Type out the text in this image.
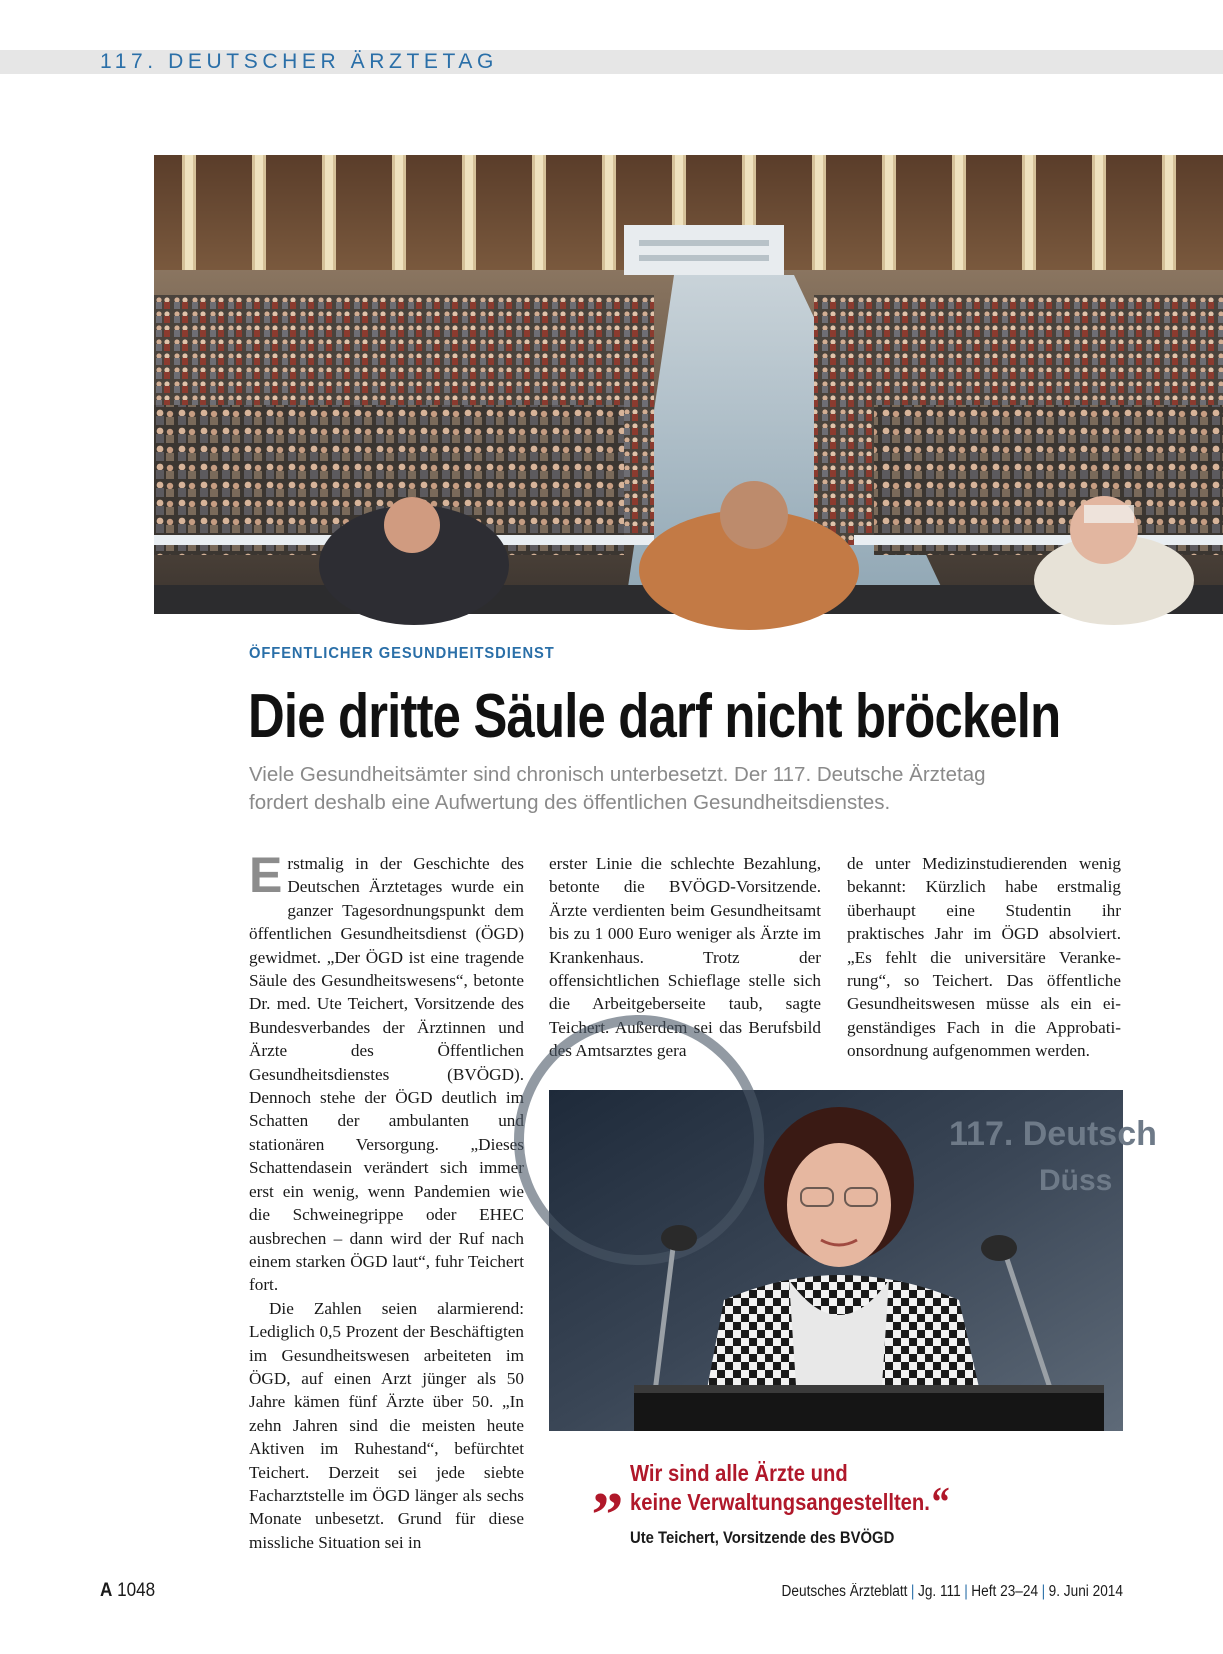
117. DEUTSCHER ÄRZTETAG
ÖFFENTLICHER GESUNDHEITSDIENST
Die dritte Säule darf nicht bröckeln
Viele Gesundheitsämter sind chronisch unterbesetzt. Der 117. Deutsche Ärztetag
fordert deshalb eine Aufwertung des öffentlichen Gesundheitsdienstes.

Erstmalig in der Geschichte des Deutschen Ärztetages wurde ein ganzer Tagesordnungspunkt dem öffentlichen Gesundheitsdienst (ÖGD) gewidmet. „Der ÖGD ist eine tragende Säule des Gesundheitswesens“, betonte Dr. med. Ute Teichert, Vorsitzende des Bundesverbandes der Ärztinnen und Ärzte des Öffentlichen Gesundheitsdienstes (BVÖGD). Dennoch stehe der ÖGD deutlich im Schatten der ambulanten und stationären Versorgung. „Dieses Schattendasein verändert sich immer erst ein wenig, wenn Pandemien wie die Schweinegrippe oder EHEC ausbrechen – dann wird der Ruf nach einem starken ÖGD laut“, fuhr Teichert fort.

Die Zahlen seien alarmierend: Lediglich 0,5 Prozent der Beschäftigten im Gesundheitswesen arbeiteten im ÖGD, auf einen Arzt jünger als 50 Jahre kämen fünf Ärzte über 50. „In zehn Jahren sind die meisten heute Aktiven im Ruhestand“, befürchtet Teichert. Derzeit sei jede siebte Facharztstelle im ÖGD länger als sechs Monate unbesetzt. Grund für diese missliche Situation sei in

erster Linie die schlechte Bezahlung, betonte die BVÖGD-Vorsitzende. Ärzte verdienten beim Gesundheitsamt bis zu 1 000 Euro weniger als Ärzte im Krankenhaus. Trotz der offensichtlichen Schieflage stelle sich die Arbeitgeberseite taub, sagte Teichert. Außerdem sei das Berufsbild des Amtsarztes gera

de unter Medizinstudierenden wenig bekannt: Kürzlich habe erstmalig überhaupt eine Studentin ihr praktisches Jahr im ÖGD absolviert. „Es fehlt die universitäre Verankerung“, so Teichert. Das öffentliche Gesundheitswesen müsse als ein eigenständiges Fach in die Approbationsordnung aufgenommen werden.

117. Deutsch
Düss
„ Wir sind alle Ärzte und
keine Verwaltungsangestellten.“
Ute Teichert, Vorsitzende des BVÖGD
A 1048	Deutsches Ärzteblatt | Jg. 111 | Heft 23–24 | 9. Juni 2014
